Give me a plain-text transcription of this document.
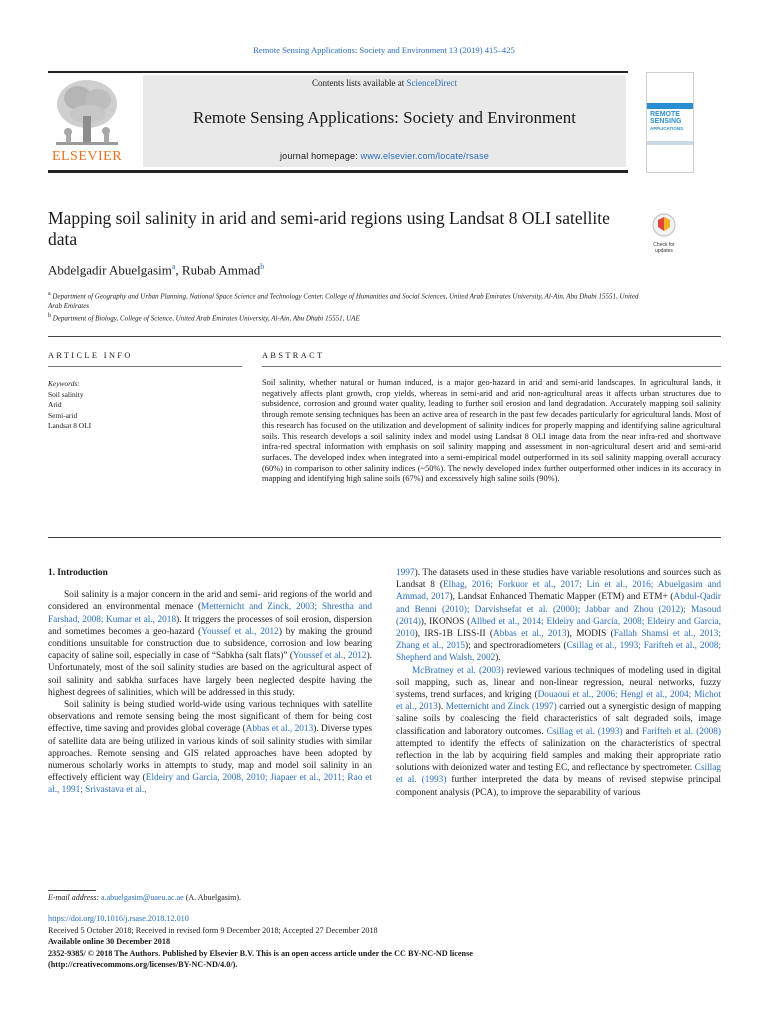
Remote Sensing Applications: Society and Environment 13 (2019) 415–425
ELSEVIER
Contents lists available at ScienceDirect
Remote Sensing Applications: Society and Environment
journal homepage: www.elsevier.com/locate/rsase
REMOTE
SENSING
APPLICATIONS
Mapping soil salinity in arid and semi-arid regions using Landsat 8 OLI satellite data	Check for updates
Abdelgadir Abuelgasim$^a$, Rubab Ammad$^b$
$^a$ Department of Geography and Urban Planning, National Space Science and Technology Center, College of Humanities and Social Sciences, United Arab Emirates University, Al-Ain, Abu Dhabi 15551, United Arab Emirates
$^b$ Department of Biology, College of Science, United Arab Emirates University, Al-Ain, Abu Dhabi 15551, UAE
ARTICLE INFO	ABSTRACT
Keywords:
Soil salinity
Arid
Semi-arid
Landsat 8 OLI
Soil salinity, whether natural or human induced, is a major geo-hazard in arid and semi-arid landscapes. In agricultural lands, it negatively affects plant growth, crop yields, whereas in semi-arid and arid non-agricultural areas it affects urban structures due to subsidence, corrosion and ground water quality, leading to further soil erosion and land degradation. Accurately mapping soil salinity through remote sensing techniques has been an active area of research in the past few decades particularly for agricultural lands. Most of this research has focused on the utilization and development of salinity indices for properly mapping and identifying saline agricultural soils. This research develops a soil salinity index and model using Landsat 8 OLI image data from the near infra-red and shortwave infra-red spectral information with emphasis on soil salinity mapping and assessment in non-agricultural desert arid and semi-arid surfaces. The developed index when integrated into a semi-empirical model outperformed in its soil salinity mapping overall accuracy (60%) in comparison to other salinity indices (~50%). The newly developed index further outperformed other indices in its accuracy in mapping and identifying high saline soils (67%) and excessively high saline soils (90%).

1. Introduction

Soil salinity is a major concern in the arid and semi- arid regions of the world and considered an environmental menace (Metternicht and Zinck, 2003; Shrestha and Farshad, 2008; Kumar et al., 2018). It triggers the processes of soil erosion, dispersion and sometimes becomes a geo-hazard (Youssef et al., 2012) by making the ground conditions unsuitable for construction due to subsidence, corrosion and low bearing capacity of saline soil, especially in case of “Sabkha (salt flats)” (Youssef et al., 2012). Unfortunately, most of the soil salinity studies are based on the agricultural aspect of soil salinity and sabkha surfaces have largely been neglected despite having the highest degrees of salinities, which will be addressed in this study.

Soil salinity is being studied world-wide using various techniques with satellite observations and remote sensing being the most significant of them for being cost effective, time saving and provides global coverage (Abbas et al., 2013). Diverse types of satellite data are being utilized in various kinds of soil salinity studies with similar approaches. Remote sensing and GIS related approaches have been adopted by numerous scholarly works in attempts to study, map and model soil salinity in an effectively efficient way (Eldeiry and Garcia, 2008, 2010; Jiapaer et al., 2011; Rao et al., 1991; Srivastava et al.,

1997). The datasets used in these studies have variable resolutions and sources such as Landsat 8 (Elhag, 2016; Forkuor et al., 2017; Lin et al., 2016; Abuelgasim and Ammad, 2017), Landsat Enhanced Thematic Mapper (ETM) and ETM+ (Abdul-Qadir and Benni (2010); Darvishsefat et al. (2000); Jabbar and Zhou (2012); Masoud (2014)), IKONOS (Allbed et al., 2014; Eldeiry and Garcia, 2008; Eldeiry and Garcia, 2010), IRS-1B LISS-II (Abbas et al., 2013), MODIS (Fallah Shamsi et al., 2013; Zhang et al., 2015); and spectroradiometers (Csillag et al., 1993; Farifteh et al., 2008; Shepherd and Walsh, 2002).

McBratney et al. (2003) reviewed various techniques of modeling used in digital soil mapping, such as, linear and non-linear regression, neural networks, fuzzy systems, trend surfaces, and kriging (Douaoui et al., 2006; Hengl et al., 2004; Michot et al., 2013). Metternicht and Zinck (1997) carried out a synergistic design of mapping saline soils by coalescing the field characteristics of salt degraded soils, image classification and laboratory outcomes. Csillag et al. (1993) and Farifteh et al. (2008) attempted to identify the effects of salinization on the characteristics of spectral reflection in the lab by acquiring field samples and making their appropriate ratio solutions with deionized water and testing EC, and reflectance by spectrometer. Csillag et al. (1993) further interpreted the data by means of revised stepwise principal component analysis (PCA), to improve the separability of various

E-mail address: a.abuelgasim@uaeu.ac.ae (A. Abuelgasim).
https://doi.org/10.1016/j.rsase.2018.12.010
Received 5 October 2018; Received in revised form 9 December 2018; Accepted 27 December 2018
Available online 30 December 2018
2352-9385/ © 2018 The Authors. Published by Elsevier B.V. This is an open access article under the CC BY-NC-ND license
(http://creativecommons.org/licenses/BY-NC-ND/4.0/).
